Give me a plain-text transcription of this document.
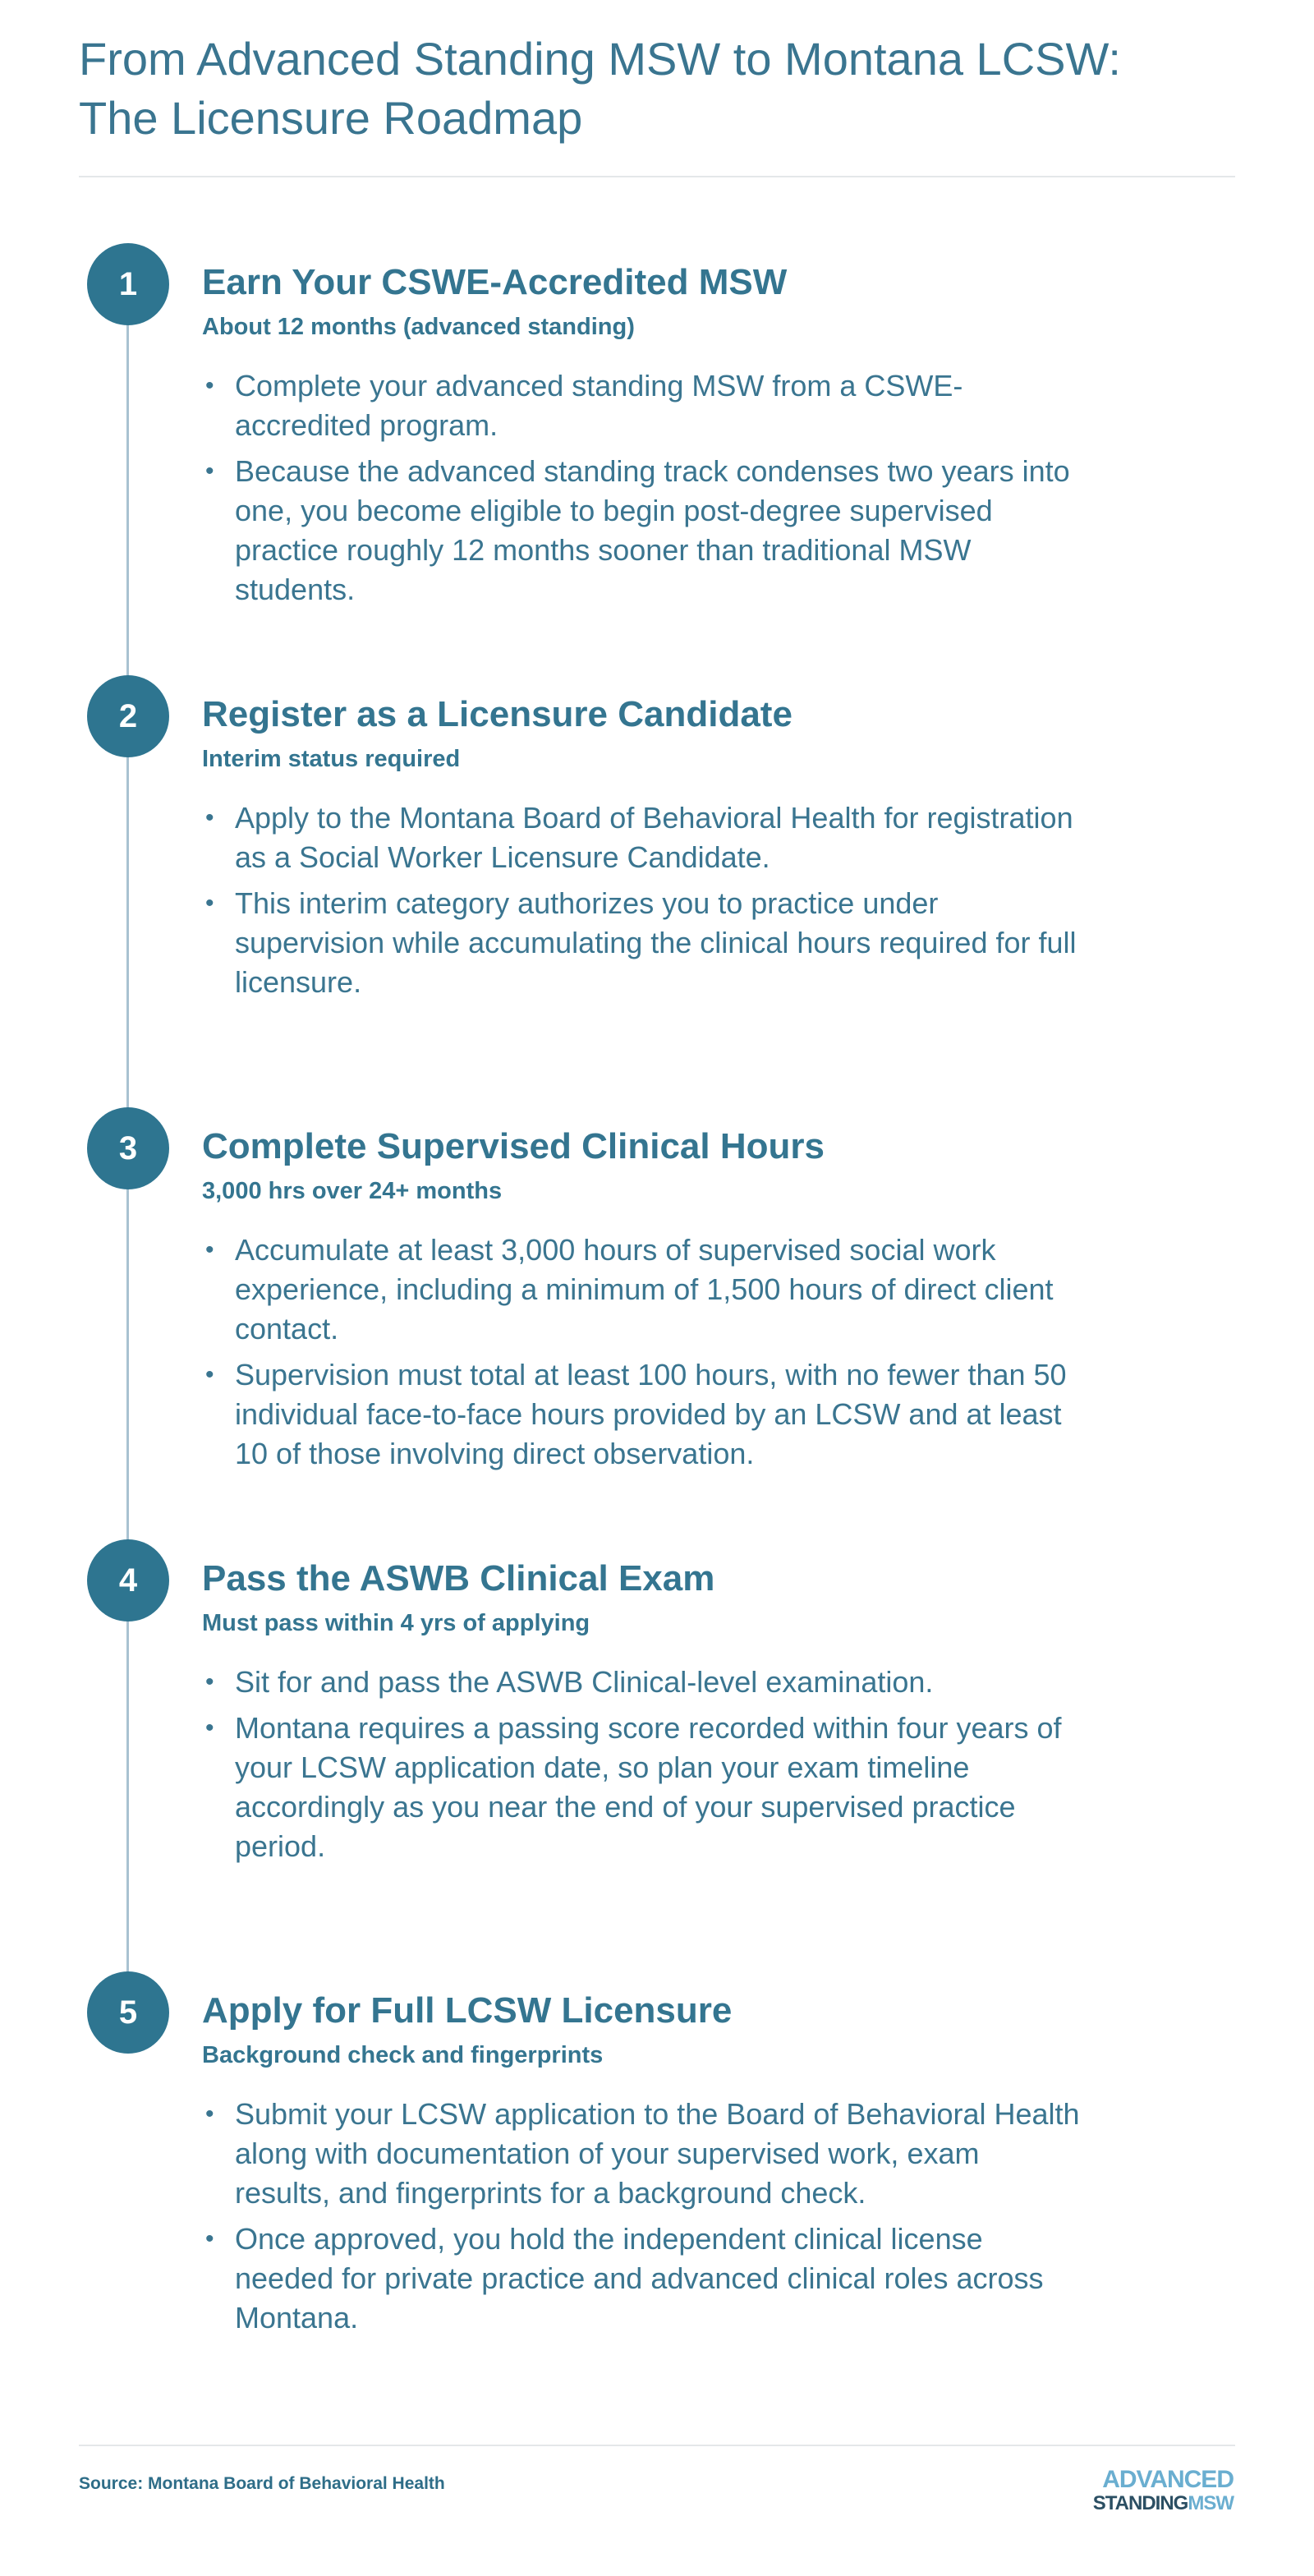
From Advanced Standing MSW to Montana LCSW:
The Licensure Roadmap
1	Earn Your CSWE-Accredited MSW
About 12 months (advanced standing)
• Complete your advanced standing MSW from a CSWE-accredited program.
• Because the advanced standing track condenses two years into one, you become eligible to begin post-degree supervised practice roughly 12 months sooner than traditional MSW students.
2	Register as a Licensure Candidate
Interim status required
• Apply to the Montana Board of Behavioral Health for registration as a Social Worker Licensure Candidate.
• This interim category authorizes you to practice under supervision while accumulating the clinical hours required for full licensure.
3	Complete Supervised Clinical Hours
3,000 hrs over 24+ months
• Accumulate at least 3,000 hours of supervised social work experience, including a minimum of 1,500 hours of direct client contact.
• Supervision must total at least 100 hours, with no fewer than 50 individual face-to-face hours provided by an LCSW and at least 10 of those involving direct observation.
4	Pass the ASWB Clinical Exam
Must pass within 4 yrs of applying
• Sit for and pass the ASWB Clinical-level examination.
• Montana requires a passing score recorded within four years of your LCSW application date, so plan your exam timeline accordingly as you near the end of your supervised practice period.
5	Apply for Full LCSW Licensure
Background check and fingerprints
• Submit your LCSW application to the Board of Behavioral Health along with documentation of your supervised work, exam results, and fingerprints for a background check.
• Once approved, you hold the independent clinical license needed for private practice and advanced clinical roles across Montana.
Source: Montana Board of Behavioral Health	ADVANCED
STANDINGMSW
